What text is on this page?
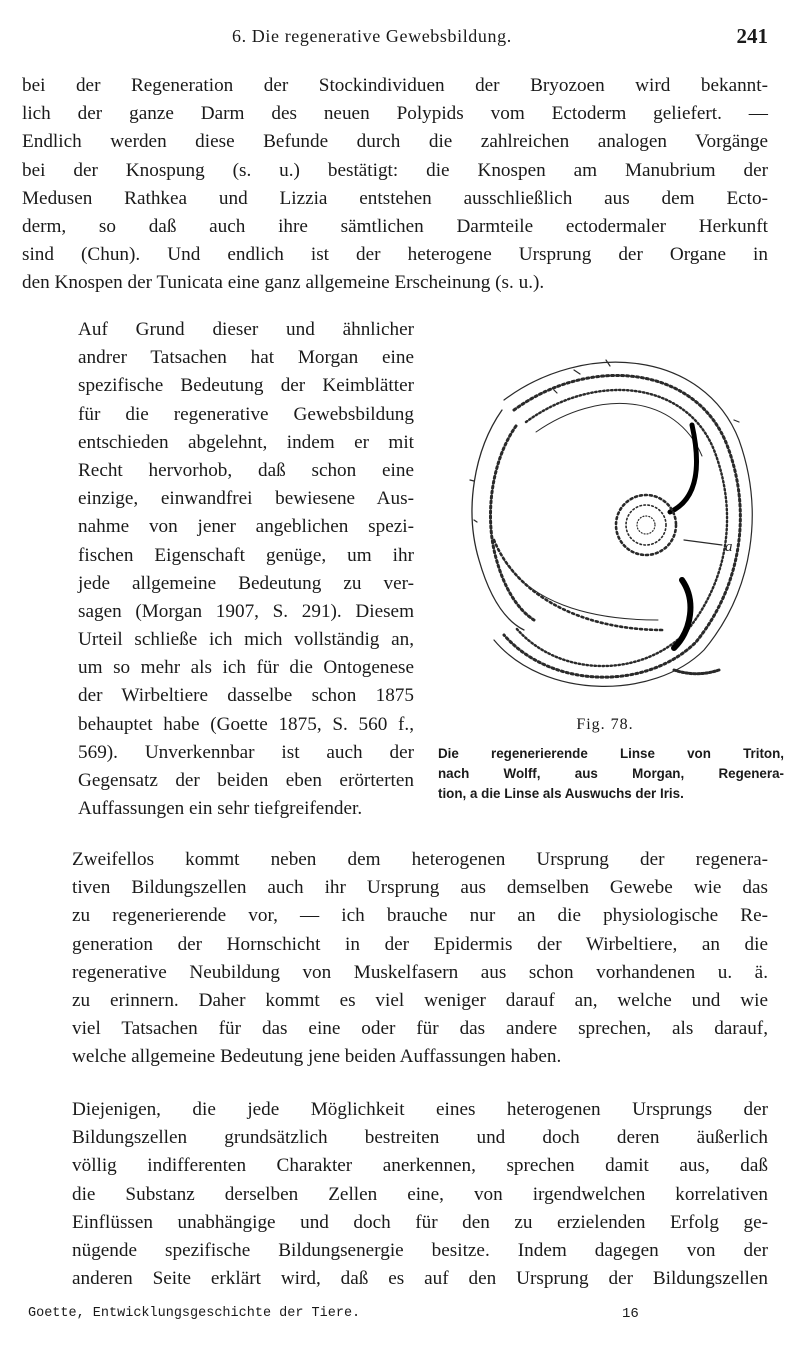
6. Die regenerative Gewebsbildung.	241

bei der Regeneration der Stockindividuen der Bryozoen wird bekannt-
lich der ganze Darm des neuen Polypids vom Ectoderm geliefert. —
Endlich werden diese Befunde durch die zahlreichen analogen Vorgänge
bei der Knospung (s. u.) bestätigt: die Knospen am Manubrium der
Medusen Rathkea und Lizzia entstehen ausschließlich aus dem Ecto-
derm, so daß auch ihre sämtlichen Darmteile ectodermaler Herkunft
sind (Chun). Und endlich ist der heterogene Ursprung der Organe in
den Knospen der Tunicata eine ganz allgemeine Erscheinung (s. u.).

Auf Grund dieser und ähnlicher
andrer Tatsachen hat Morgan eine
spezifische Bedeutung der Keimblätter
für die regenerative Gewebsbildung
entschieden abgelehnt, indem er mit
Recht hervorhob, daß schon eine
einzige, einwandfrei bewiesene Aus-
nahme von jener angeblichen spezi-
fischen Eigenschaft genüge, um ihr
jede allgemeine Bedeutung zu ver-
sagen (Morgan 1907, S. 291). Diesem
Urteil schließe ich mich vollständig an,
um so mehr als ich für die Ontogenese
der Wirbeltiere dasselbe schon 1875
behauptet habe (Goette 1875, S. 560 f.,
569). Unverkennbar ist auch der
Gegensatz der beiden eben erörterten
Auffassungen ein sehr tiefgreifender.

a
Fig. 78.

Die regenerierende Linse von Triton,
nach Wolff, aus Morgan, Regenera-
tion, a die Linse als Auswuchs der Iris.

Zweifellos kommt neben dem heterogenen Ursprung der regenera-
tiven Bildungszellen auch ihr Ursprung aus demselben Gewebe wie das
zu regenerierende vor, — ich brauche nur an die physiologische Re-
generation der Hornschicht in der Epidermis der Wirbeltiere, an die
regenerative Neubildung von Muskelfasern aus schon vorhandenen u. ä.
zu erinnern. Daher kommt es viel weniger darauf an, welche und wie
viel Tatsachen für das eine oder für das andere sprechen, als darauf,
welche allgemeine Bedeutung jene beiden Auffassungen haben.

Diejenigen, die jede Möglichkeit eines heterogenen Ursprungs der
Bildungszellen grundsätzlich bestreiten und doch deren äußerlich
völlig indifferenten Charakter anerkennen, sprechen damit aus, daß
die Substanz derselben Zellen eine, von irgendwelchen korrelativen
Einflüssen unabhängige und doch für den zu erzielenden Erfolg ge-
nügende spezifische Bildungsenergie besitze. Indem dagegen von der
anderen Seite erklärt wird, daß es auf den Ursprung der Bildungszellen

Goette, Entwicklungsgeschichte der Tiere.	16
